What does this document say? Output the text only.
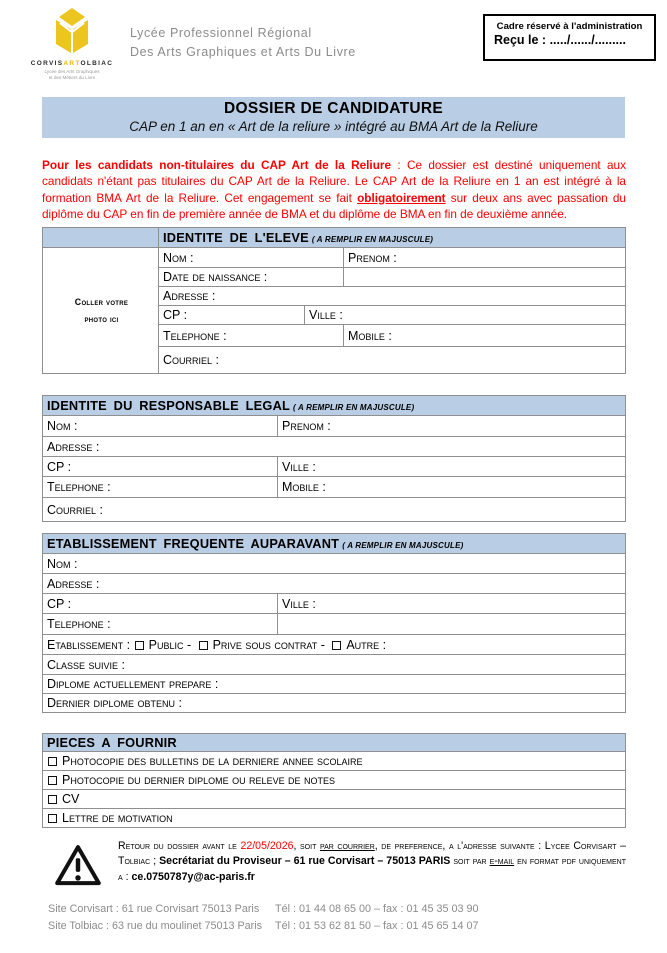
CORVISARTOLBIAC
Lycée des Arts Graphiques
et des Métiers du Livre
Lycée Professionnel Régional
Des Arts Graphiques et Arts Du Livre
Cadre réservé à l'administration
Reçu le : ...../....../.........
DOSSIER DE CANDIDATURE
CAP en 1 an en « Art de la reliure » intégré au BMA Art de la Reliure
Pour les candidats non-titulaires du CAP Art de la Reliure : Ce dossier est destiné uniquement aux candidats n'étant pas titulaires du CAP Art de la Reliure. Le CAP Art de la Reliure en 1 an est intégré à la formation BMA Art de la Reliure. Cet engagement se fait obligatoirement sur deux ans avec passation du diplôme du CAP en fin de première année de BMA et du diplôme de BMA en fin de deuxième année.
	IDENTITE DE L'ELEVE ( A REMPLIR EN MAJUSCULE)		

Coller votre
photo ici	Nom :		Prenom :
	Date de naissance :		
	Adresse :		
	CP :	Ville :	
	Telephone :		Mobile :
	Courriel :		
IDENTITE DU RESPONSABLE LEGAL ( A REMPLIR EN MAJUSCULE)	
Nom :	Prenom :
Adresse :	
CP :	Ville :
Telephone :	Mobile :
Courriel :	
ETABLISSEMENT FREQUENTE AUPARAVANT ( A REMPLIR EN MAJUSCULE)	
Nom :	
Adresse :	
CP :	Ville :
Telephone :	
Etablissement : Public - Prive sous contrat - Autre :	
Classe suivie :	
Diplome actuellement prepare :	
Dernier diplome obtenu :	
PIECES A FOURNIR
Photocopie des bulletins de la derniere annee scolaire
Photocopie du dernier diplome ou releve de notes
CV
Lettre de motivation
Retour du dossier avant le 22/05/2026, soit par courrier, de preference, a l'adresse suivante : Lycee Corvisart – Tolbiac ; Secrétariat du Proviseur – 61 rue Corvisart – 75013 PARIS soit par e-mail en format pdf uniquement a : ce.0750787y@ac-paris.fr
Site Corvisart : 61 rue Corvisart 75013 Paris Tél : 01 44 08 65 00 – fax : 01 45 35 03 90
Site Tolbiac : 63 rue du moulinet 75013 Paris Tél : 01 53 62 81 50 – fax : 01 45 65 14 07
